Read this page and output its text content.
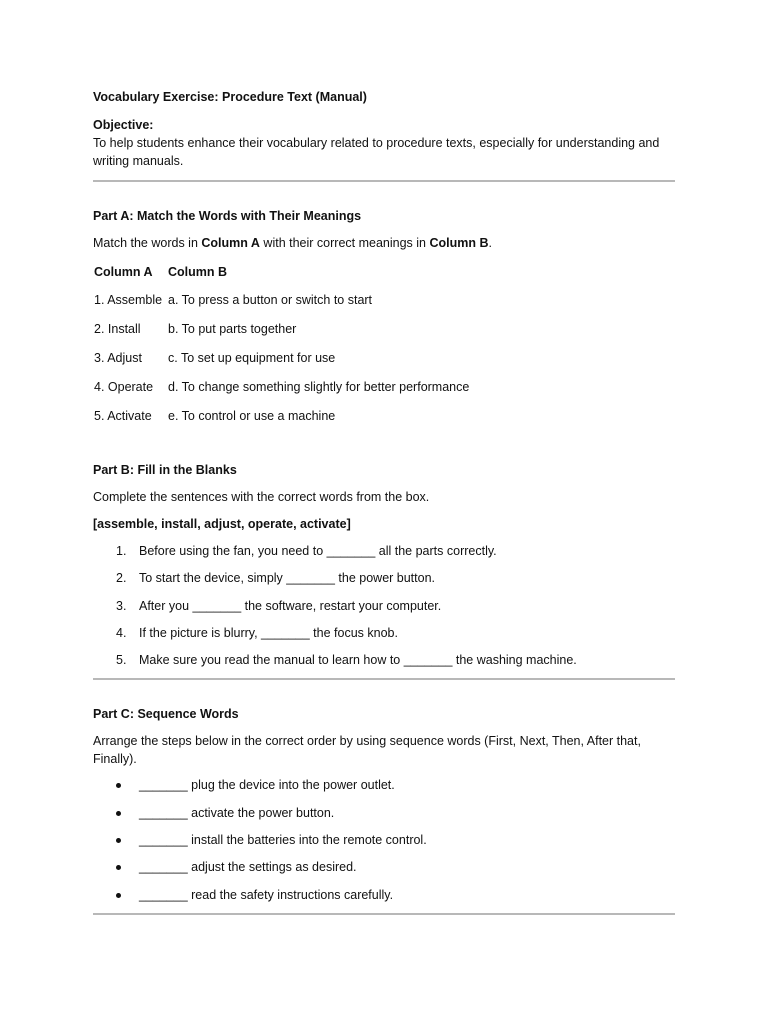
Vocabulary Exercise: Procedure Text (Manual)

Objective:

To help students enhance their vocabulary related to procedure texts, especially for understanding and writing manuals.

Part A: Match the Words with Their Meanings

Match the words in Column A with their correct meanings in Column B.

Column A	Column B
1. Assemble	a. To press a button or switch to start
2. Install	b. To put parts together
3. Adjust	c. To set up equipment for use
4. Operate	d. To change something slightly for better performance
5. Activate	e. To control or use a machine

Part B: Fill in the Blanks

Complete the sentences with the correct words from the box.

[assemble, install, adjust, operate, activate]

1. Before using the fan, you need to _______ all the parts correctly.
2. To start the device, simply _______ the power button.
3. After you _______ the software, restart your computer.
4. If the picture is blurry, _______ the focus knob.
5. Make sure you read the manual to learn how to _______ the washing machine.

Part C: Sequence Words

Arrange the steps below in the correct order by using sequence words (First, Next, Then, After that, Finally).

_______ plug the device into the power outlet.
_______ activate the power button.
_______ install the batteries into the remote control.
_______ adjust the settings as desired.
_______ read the safety instructions carefully.
